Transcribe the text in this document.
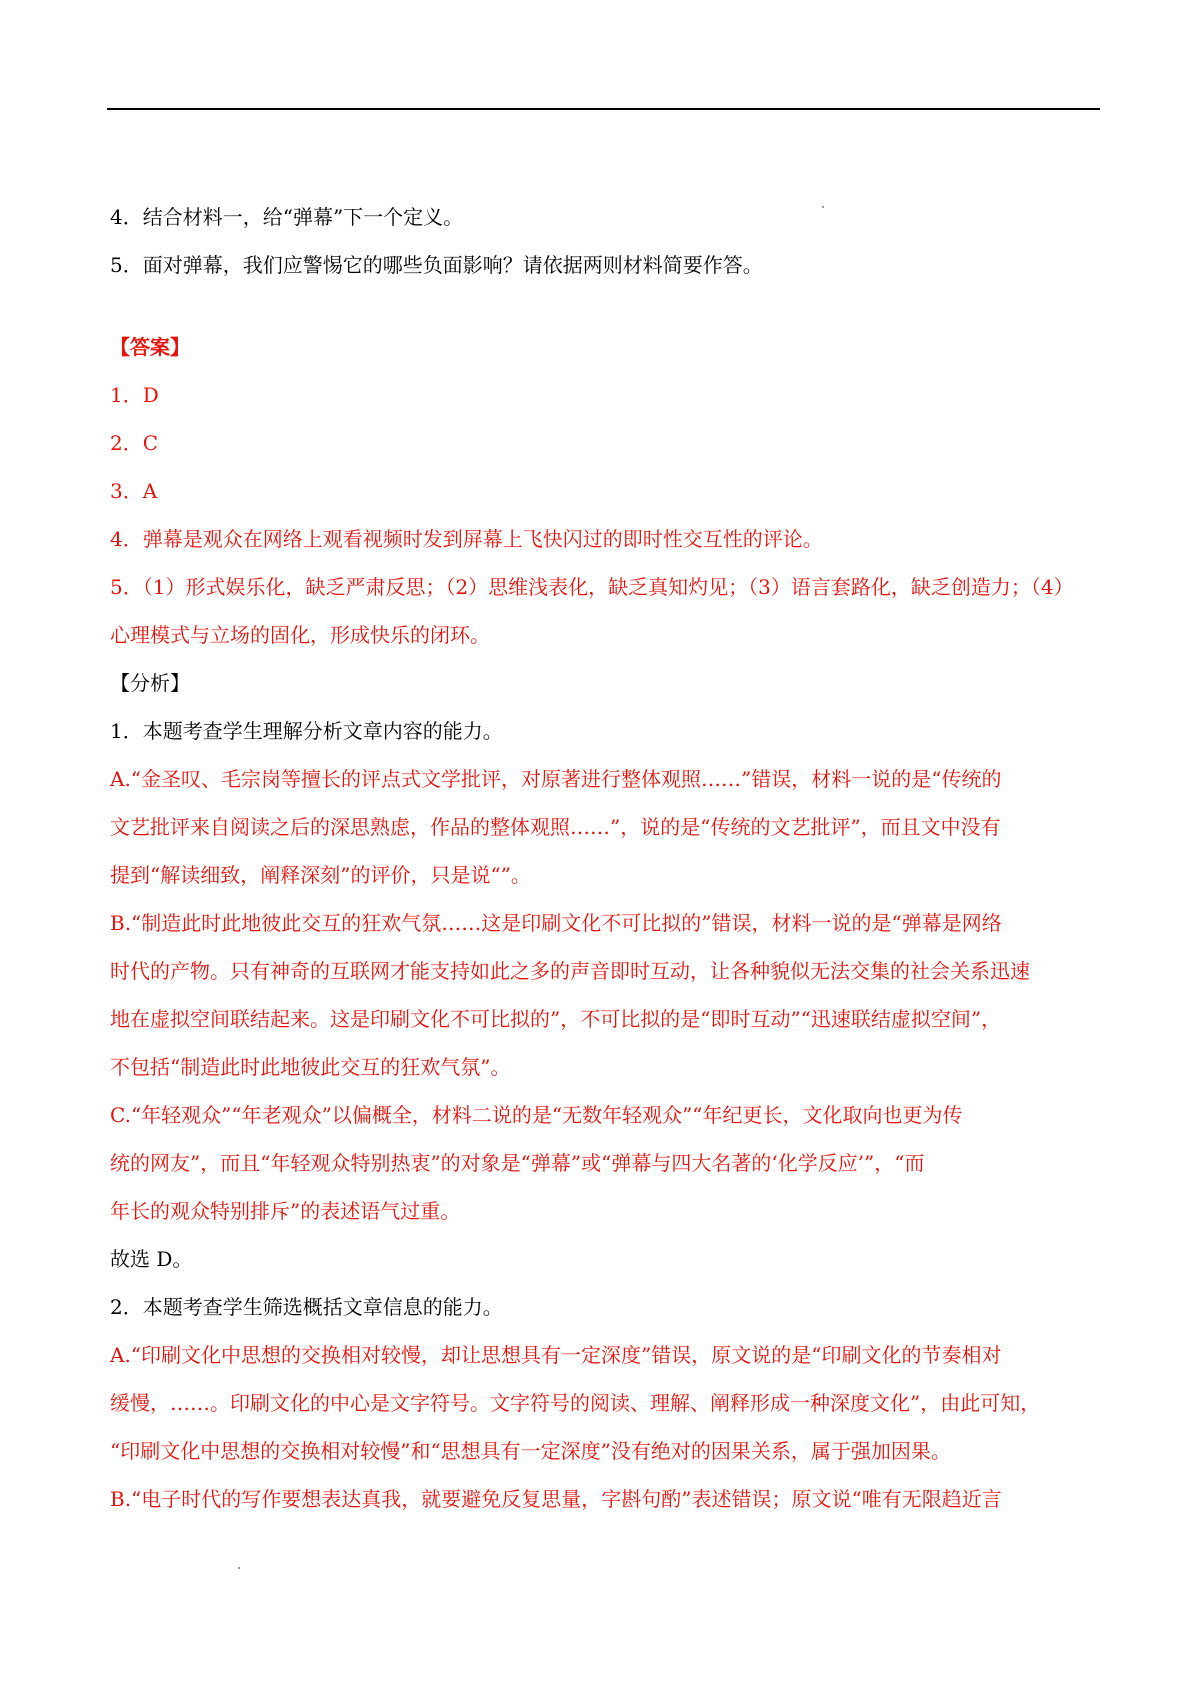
4．结合材料一，给“弹幕”下一个定义。
5．面对弹幕，我们应警惕它的哪些负面影响？请依据两则材料简要作答。
【答案】
1．D
2．C
3．A
4．弹幕是观众在网络上观看视频时发到屏幕上飞快闪过的即时性交互性的评论。
5．（1）形式娱乐化，缺乏严肃反思；（2）思维浅表化，缺乏真知灼见；（3）语言套路化，缺乏创造力；（4）
心理模式与立场的固化，形成快乐的闭环。
【分析】
1．本题考查学生理解分析文章内容的能力。
A.“金圣叹、毛宗岗等擅长的评点式文学批评，对原著进行整体观照……”错误，材料一说的是“传统的
文艺批评来自阅读之后的深思熟虑，作品的整体观照……”，说的是“传统的文艺批评”，而且文中没有
提到“解读细致，阐释深刻”的评价，只是说“”。
B.“制造此时此地彼此交互的狂欢气氛……这是印刷文化不可比拟的”错误，材料一说的是“弹幕是网络
时代的产物。只有神奇的互联网才能支持如此之多的声音即时互动，让各种貌似无法交集的社会关系迅速
地在虚拟空间联结起来。这是印刷文化不可比拟的”，不可比拟的是“即时互动”“迅速联结虚拟空间”，
不包括“制造此时此地彼此交互的狂欢气氛”。
C.“年轻观众”“年老观众”以偏概全，材料二说的是“无数年轻观众”“年纪更长，文化取向也更为传
统的网友”，而且“年轻观众特别热衷”的对象是“弹幕”或“弹幕与四大名著的‘化学反应’”，“而
年长的观众特别排斥”的表述语气过重。
故选 D。
2．本题考查学生筛选概括文章信息的能力。
A.“印刷文化中思想的交换相对较慢，却让思想具有一定深度”错误，原文说的是“印刷文化的节奏相对
缓慢，……。印刷文化的中心是文字符号。文字符号的阅读、理解、阐释形成一种深度文化”，由此可知，
“印刷文化中思想的交换相对较慢”和“思想具有一定深度”没有绝对的因果关系，属于强加因果。
B.“电子时代的写作要想表达真我，就要避免反复思量，字斟句酌”表述错误；原文说“唯有无限趋近言
